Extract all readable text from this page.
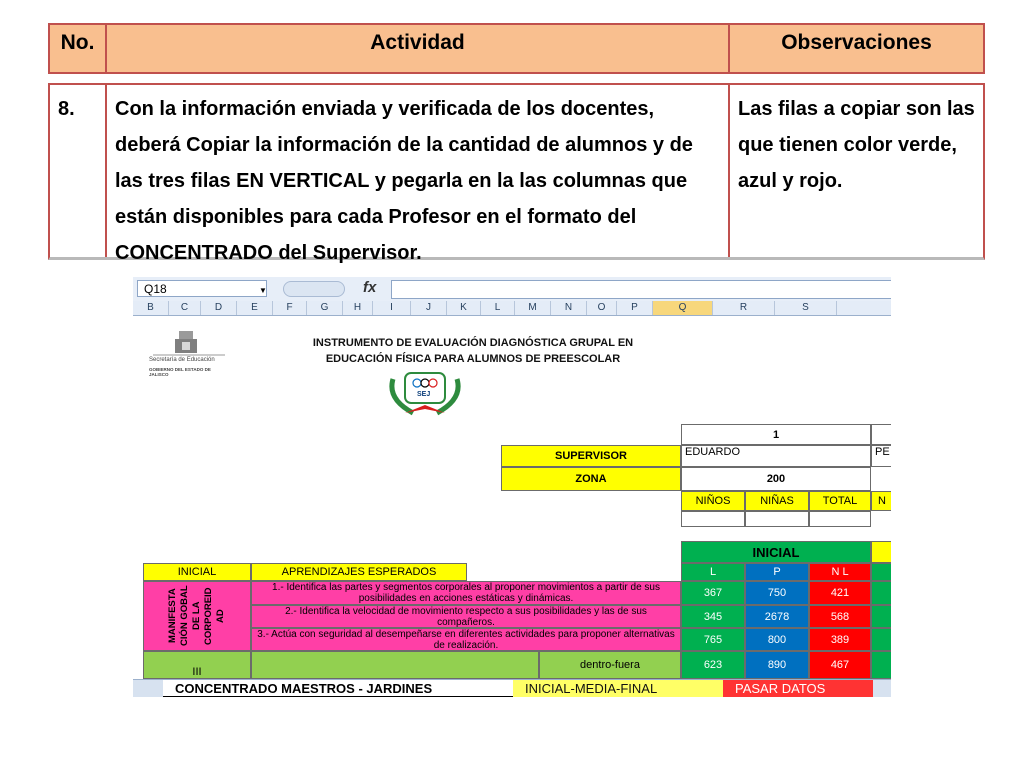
No.	Actividad	Observaciones
8.	Con la información enviada y verificada de los docentes, deberá Copiar la información de la cantidad de alumnos y de las tres filas EN VERTICAL y pegarla en la las columnas que están disponibles para cada Profesor en el formato del CONCENTRADO del Supervisor.
Las filas a copiar son las que tienen color verde, azul y rojo.
Q18	▼	fx
B	C	D	E	F	G	H	I	J	K	L	M	N	O	P	Q	R	S
Secretaría de Educación
GOBIERNO DEL ESTADO DE JALISCO
INSTRUMENTO DE EVALUACIÓN DIAGNÓSTICA GRUPAL EN
EDUCACIÓN FÍSICA PARA ALUMNOS DE PREESCOLAR
SEJ
1
SUPERVISOR	EDUARDO	PE
ZONA	200
NIÑOS	NIÑAS	TOTAL	N
INICIAL
INICIAL	APRENDIZAJES ESPERADOS	L	P	N L
MANIFESTA CIÓN GOBAL DE LA CORPOREID AD
1.- Identifica las partes y segmentos corporales al proponer movimientos a partir de sus posibilidades en acciones estáticas y dinámicas.	367	750	421
2.- Identifica la velocidad de movimiento respecto a sus posibilidades y las de sus compañeros.	345	2678	568
3.- Actúa con seguridad al desempeñarse en diferentes actividades para proponer alternativas de realización.	765	800	389
III
dentro-fuera	623	890	467
CONCENTRADO MAESTROS - JARDINES	INICIAL-MEDIA-FINAL	PASAR DATOS
